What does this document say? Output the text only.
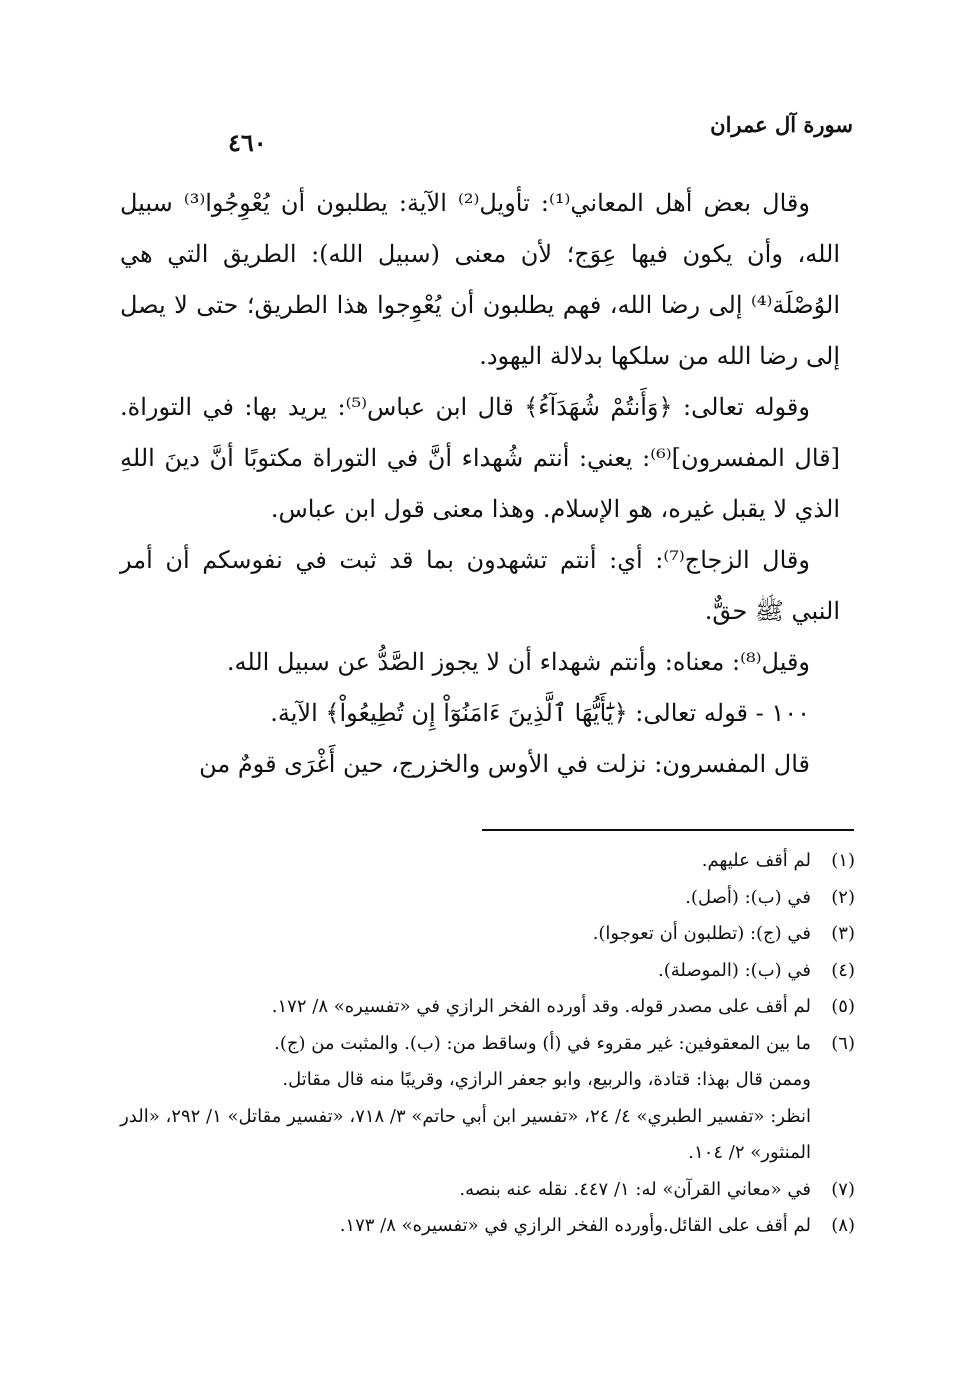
٤٦٠
سورة آل عمران

وقال بعض أهل المعاني⁽¹⁾: تأويل⁽²⁾ الآية: يطلبون أن يُعْوِجُوا⁽³⁾ سبيل الله، وأن يكون فيها عِوَج؛ لأن معنى (سبيل الله): الطريق التي هي الوُصْلَة⁽⁴⁾ إلى رضا الله، فهم يطلبون أن يُعْوِجوا هذا الطريق؛ حتى لا يصل إلى رضا الله من سلكها بدلالة اليهود.

وقوله تعالى: ﴿وَأَنتُمْ شُهَدَآءُ﴾ قال ابن عباس⁽⁵⁾: يريد بها: في التوراة. [قال المفسرون]⁽⁶⁾: يعني: أنتم شُهداء أنَّ في التوراة مكتوبًا أنَّ دينَ اللهِ الذي لا يقبل غيره، هو الإسلام. وهذا معنى قول ابن عباس.

وقال الزجاج⁽⁷⁾: أي: أنتم تشهدون بما قد ثبت في نفوسكم أن أمر النبي ﷺ حقٌّ.

وقيل⁽⁸⁾: معناه: وأنتم شهداء أن لا يجوز الصَّدُّ عن سبيل الله.

١٠٠ - قوله تعالى: ﴿يَٰٓأَيُّهَا ٱلَّذِينَ ءَامَنُوٓاْ إِن تُطِيعُواْ﴾ الآية.

قال المفسرون: نزلت في الأوس والخزرج، حين أَغْرَى قومٌ من

(١)
لم أقف عليهم.
(٢)
في (ب): (أصل).
(٣)
في (ج): (تطلبون أن تعوجوا).
(٤)
في (ب): (الموصلة).
(٥)
لم أقف على مصدر قوله. وقد أورده الفخر الرازي في «تفسيره» ٨/ ١٧٢.
(٦)
ما بين المعقوفين: غير مقروء في (أ) وساقط من: (ب). والمثبت من (ج).
وممن قال بهذا: قتادة، والربيع، وابو جعفر الرازي، وقريبًا منه قال مقاتل.
انظر: «تفسير الطبري» ٤/ ٢٤، «تفسير ابن أبي حاتم» ٣/ ٧١٨، «تفسير مقاتل» ١/ ٢٩٢، «الدر المنثور» ٢/ ١٠٤.
(٧)
في «معاني القرآن» له: ١/ ٤٤٧. نقله عنه بنصه.
(٨)
لم أقف على القائل.وأورده الفخر الرازي في «تفسيره» ٨/ ١٧٣.
